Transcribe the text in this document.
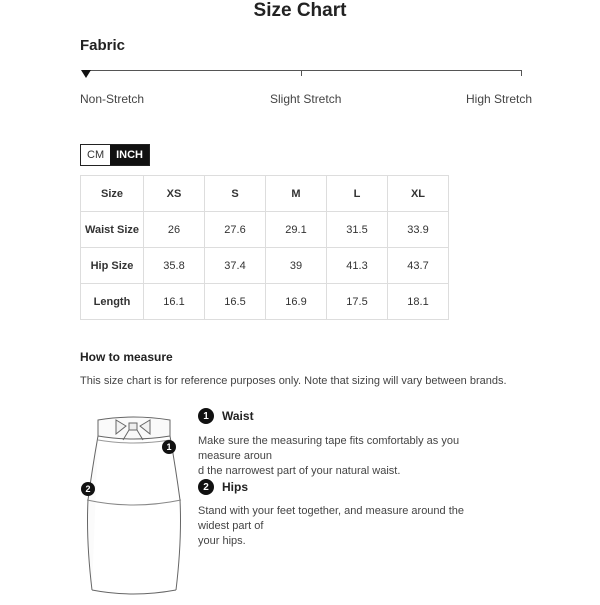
Size Chart
Fabric
Non-Stretch	Slight Stretch	High Stretch
CM	INCH
Size	XS	S	M	L	XL
Waist Size	26	27.6	29.1	31.5	33.9
Hip Size	35.8	37.4	39	41.3	43.7
Length	16.1	16.5	16.9	17.5	18.1
How to measure
This size chart is for reference purposes only. Note that sizing will vary between brands.
1
2
1	Waist
Make sure the measuring tape fits comfortably as you measure aroun
d the narrowest part of your natural waist.
2	Hips
Stand with your feet together, and measure around the widest part of
your hips.
